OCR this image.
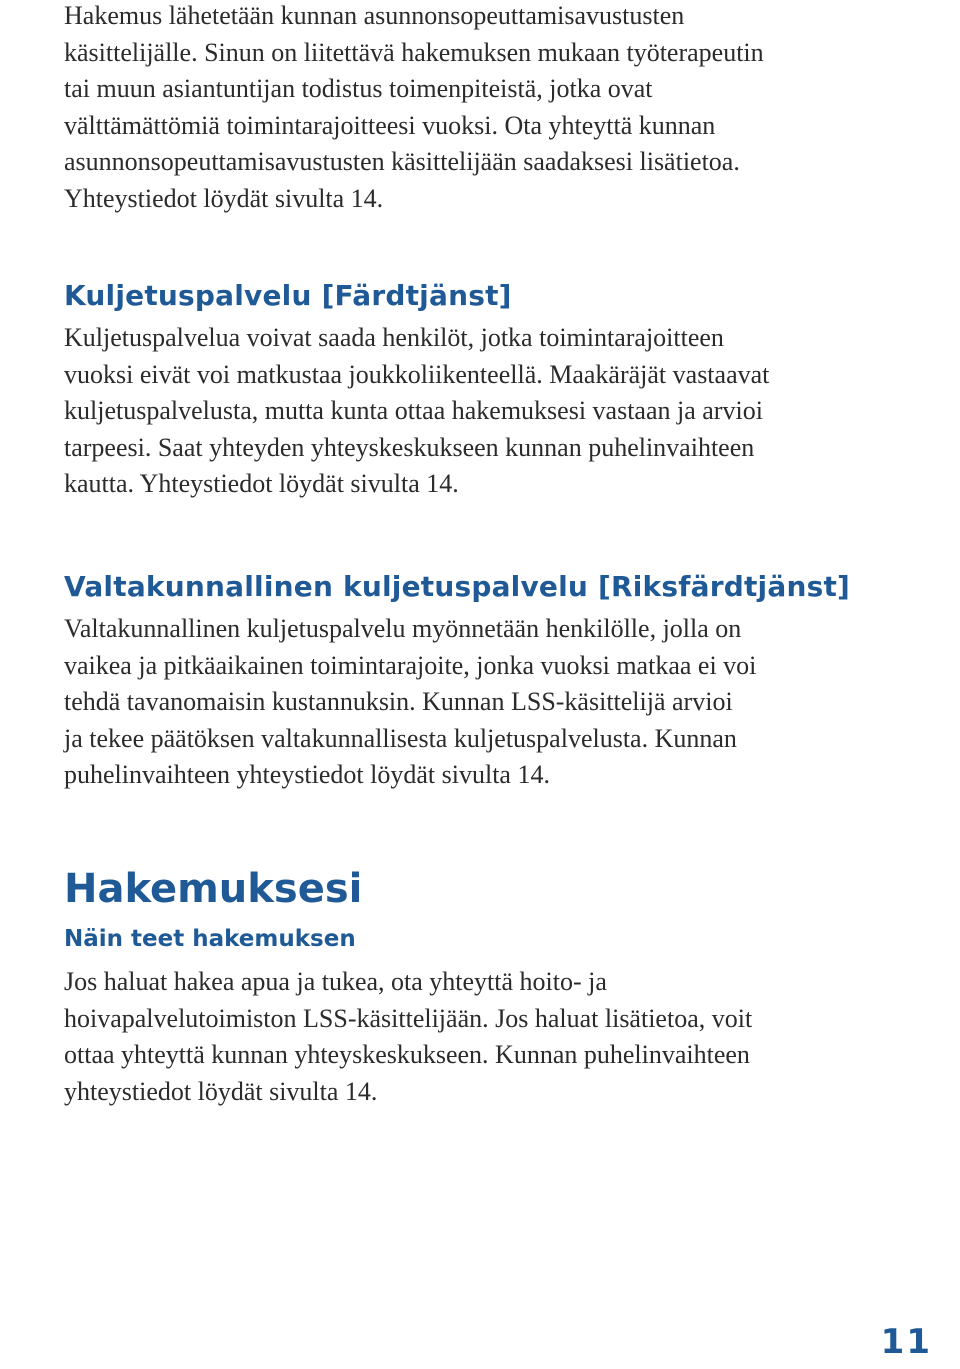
Hakemus lähetetään kunnan asunnonsopeuttamisavustusten

käsittelijälle. Sinun on liitettävä hakemuksen mukaan työterapeutin

tai muun asiantuntijan todistus toimenpiteistä, jotka ovat

välttämättömiä toimintarajoitteesi vuoksi. Ota yhteyttä kunnan

asunnonsopeuttamisavustusten käsittelijään saadaksesi lisätietoa.

Yhteystiedot löydät sivulta 14.

Kuljetuspalvelu [Färdtjänst]

Kuljetuspalvelua voivat saada henkilöt, jotka toimintarajoitteen

vuoksi eivät voi matkustaa joukkoliikenteellä. Maakäräjät vastaavat

kuljetuspalvelusta, mutta kunta ottaa hakemuksesi vastaan ja arvioi

tarpeesi. Saat yhteyden yhteyskeskukseen kunnan puhelinvaihteen

kautta. Yhteystiedot löydät sivulta 14.

Valtakunnallinen kuljetuspalvelu [Riksfärdtjänst]

Valtakunnallinen kuljetuspalvelu myönnetään henkilölle, jolla on

vaikea ja pitkäaikainen toimintarajoite, jonka vuoksi matkaa ei voi

tehdä tavanomaisin kustannuksin. Kunnan LSS-käsittelijä arvioi

ja tekee päätöksen valtakunnallisesta kuljetuspalvelusta. Kunnan

puhelinvaihteen yhteystiedot löydät sivulta 14.

Hakemuksesi
Näin teet hakemuksen

Jos haluat hakea apua ja tukea, ota yhteyttä hoito- ja

hoivapalvelutoimiston LSS-käsittelijään. Jos haluat lisätietoa, voit

ottaa yhteyttä kunnan yhteyskeskukseen. Kunnan puhelinvaihteen

yhteystiedot löydät sivulta 14.

11
